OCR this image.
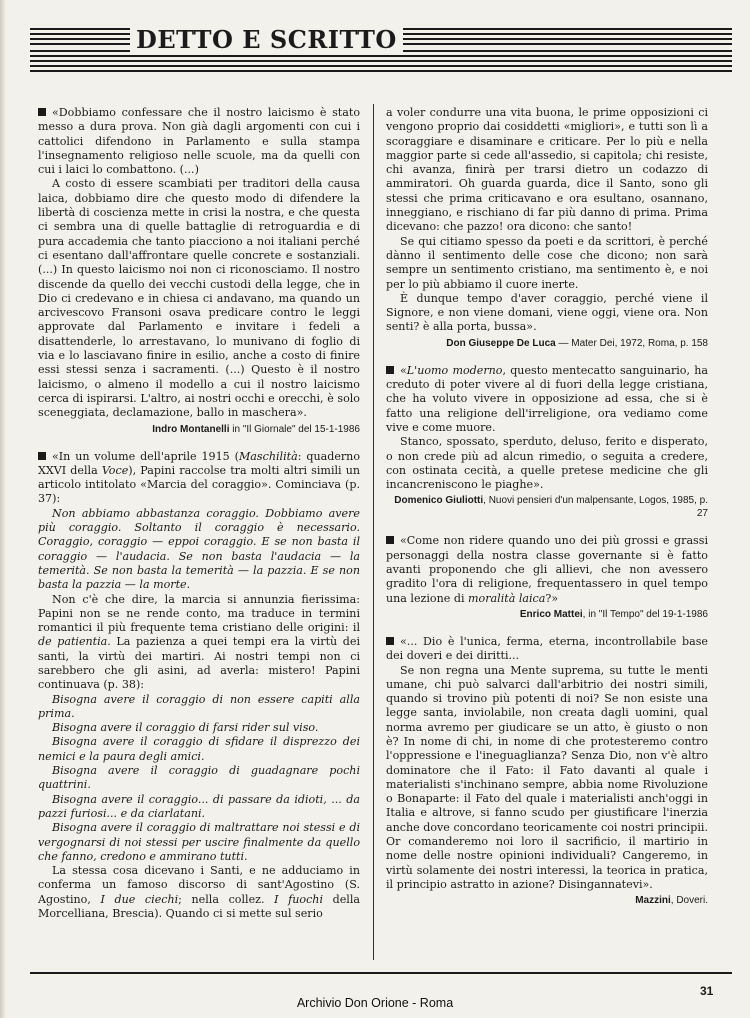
DETTO E SCRITTO

«Dobbiamo confessare che il nostro laicismo è stato messo a dura prova. Non già dagli argomenti con cui i cattolici difendono in Parlamento e sulla stampa l'insegnamento religioso nelle scuole, ma da quelli con cui i laici lo combattono. (...)

A costo di essere scambiati per traditori della causa laica, dobbiamo dire che questo modo di difendere la libertà di coscienza mette in crisi la nostra, e che questa ci sembra una di quelle battaglie di retroguardia e di pura accademia che tanto piacciono a noi italiani perché ci esentano dall'affrontare quelle concrete e sostanziali. (...) In questo laicismo noi non ci riconosciamo. Il nostro discende da quello dei vecchi custodi della legge, che in Dio ci credevano e in chiesa ci andavano, ma quando un arcivescovo Fransoni osava predicare contro le leggi approvate dal Parlamento e invitare i fedeli a disattenderle, lo arrestavano, lo munivano di foglio di via e lo lasciavano finire in esilio, anche a costo di finire essi stessi senza i sacramenti. (...) Questo è il nostro laicismo, o almeno il modello a cui il nostro laicismo cerca di ispirarsi. L'altro, ai nostri occhi e orecchi, è solo sceneggiata, declamazione, ballo in maschera».

Indro Montanelli in "Il Giornale" del 15-1-1986

«In un volume dell'aprile 1915 (Maschilità: quaderno XXVI della Voce), Papini raccolse tra molti altri simili un articolo intitolato «Marcia del coraggio». Cominciava (p. 37):

Non abbiamo abbastanza coraggio. Dobbiamo avere più coraggio. Soltanto il coraggio è necessario. Coraggio, coraggio — eppoi coraggio. E se non basta il coraggio — l'audacia. Se non basta l'audacia — la temerità. Se non basta la temerità — la pazzia. E se non basta la pazzia — la morte.

Non c'è che dire, la marcia si annunzia fierissima: Papini non se ne rende conto, ma traduce in termini romantici il più frequente tema cristiano delle origini: il de patientia. La pazienza a quei tempi era la virtù dei santi, la virtù dei martiri. Ai nostri tempi non ci sarebbero che gli asini, ad averla: mistero! Papini continuava (p. 38):

Bisogna avere il coraggio di non essere capiti alla prima.

Bisogna avere il coraggio di farsi rider sul viso.

Bisogna avere il coraggio di sfidare il disprezzo dei nemici e la paura degli amici.

Bisogna avere il coraggio di guadagnare pochi quattrini.

Bisogna avere il coraggio... di passare da idioti, ... da pazzi furiosi... e da ciarlatani.

Bisogna avere il coraggio di maltrattare noi stessi e di vergognarsi di noi stessi per uscire finalmente da quello che fanno, credono e ammirano tutti.

La stessa cosa dicevano i Santi, e ne adduciamo in conferma un famoso discorso di sant'Agostino (S. Agostino, I due ciechi; nella collez. I fuochi della Morcelliana, Brescia). Quando ci si mette sul serio

a voler condurre una vita buona, le prime opposizioni ci vengono proprio dai cosiddetti «migliori», e tutti son lì a scoraggiare e disaminare e criticare. Per lo più e nella maggior parte si cede all'assedio, si capitola; chi resiste, chi avanza, finirà per trarsi dietro un codazzo di ammiratori. Oh guarda guarda, dice il Santo, sono gli stessi che prima criticavano e ora esultano, osannano, inneggiano, e rischiano di far più danno di prima. Prima dicevano: che pazzo! ora dicono: che santo!

Se qui citiamo spesso da poeti e da scrittori, è perché dànno il sentimento delle cose che dicono; non sarà sempre un sentimento cristiano, ma sentimento è, e noi per lo più abbiamo il cuore inerte.

È dunque tempo d'aver coraggio, perché viene il Signore, e non viene domani, viene oggi, viene ora. Non senti? è alla porta, bussa».

Don Giuseppe De Luca — Mater Dei, 1972, Roma, p. 158

«L'uomo moderno, questo mentecatto sanguinario, ha creduto di poter vivere al di fuori della legge cristiana, che ha voluto vivere in opposizione ad essa, che si è fatto una religione dell'irreligione, ora vediamo come vive e come muore.

Stanco, spossato, sperduto, deluso, ferito e disperato, o non crede più ad alcun rimedio, o seguita a credere, con ostinata cecità, a quelle pretese medicine che gli incancreniscono le piaghe».

Domenico Giuliotti, Nuovi pensieri d'un malpensante, Logos, 1985, p. 27

«Come non ridere quando uno dei più grossi e grassi personaggi della nostra classe governante si è fatto avanti proponendo che gli allievi, che non avessero gradito l'ora di religione, frequentassero in quel tempo una lezione di moralità laica?»

Enrico Mattei, in "Il Tempo" del 19-1-1986

«... Dio è l'unica, ferma, eterna, incontrollabile base dei doveri e dei diritti...

Se non regna una Mente suprema, su tutte le menti umane, chi può salvarci dall'arbitrio dei nostri simili, quando si trovino più potenti di noi? Se non esiste una legge santa, inviolabile, non creata dagli uomini, qual norma avremo per giudicare se un atto, è giusto o non è? In nome di chi, in nome di che protesteremo contro l'oppressione e l'ineguaglianza? Senza Dio, non v'è altro dominatore che il Fato: il Fato davanti al quale i materialisti s'inchinano sempre, abbia nome Rivoluzione o Bonaparte: il Fato del quale i materialisti anch'oggi in Italia e altrove, si fanno scudo per giustificare l'inerzia anche dove concordano teoricamente coi nostri principii. Or comanderemo noi loro il sacrificio, il martirio in nome delle nostre opinioni individuali? Cangeremo, in virtù solamente dei nostri interessi, la teorica in pratica, il principio astratto in azione? Disingannatevi».

Mazzini, Doveri.
31
Archivio Don Orione - Roma
